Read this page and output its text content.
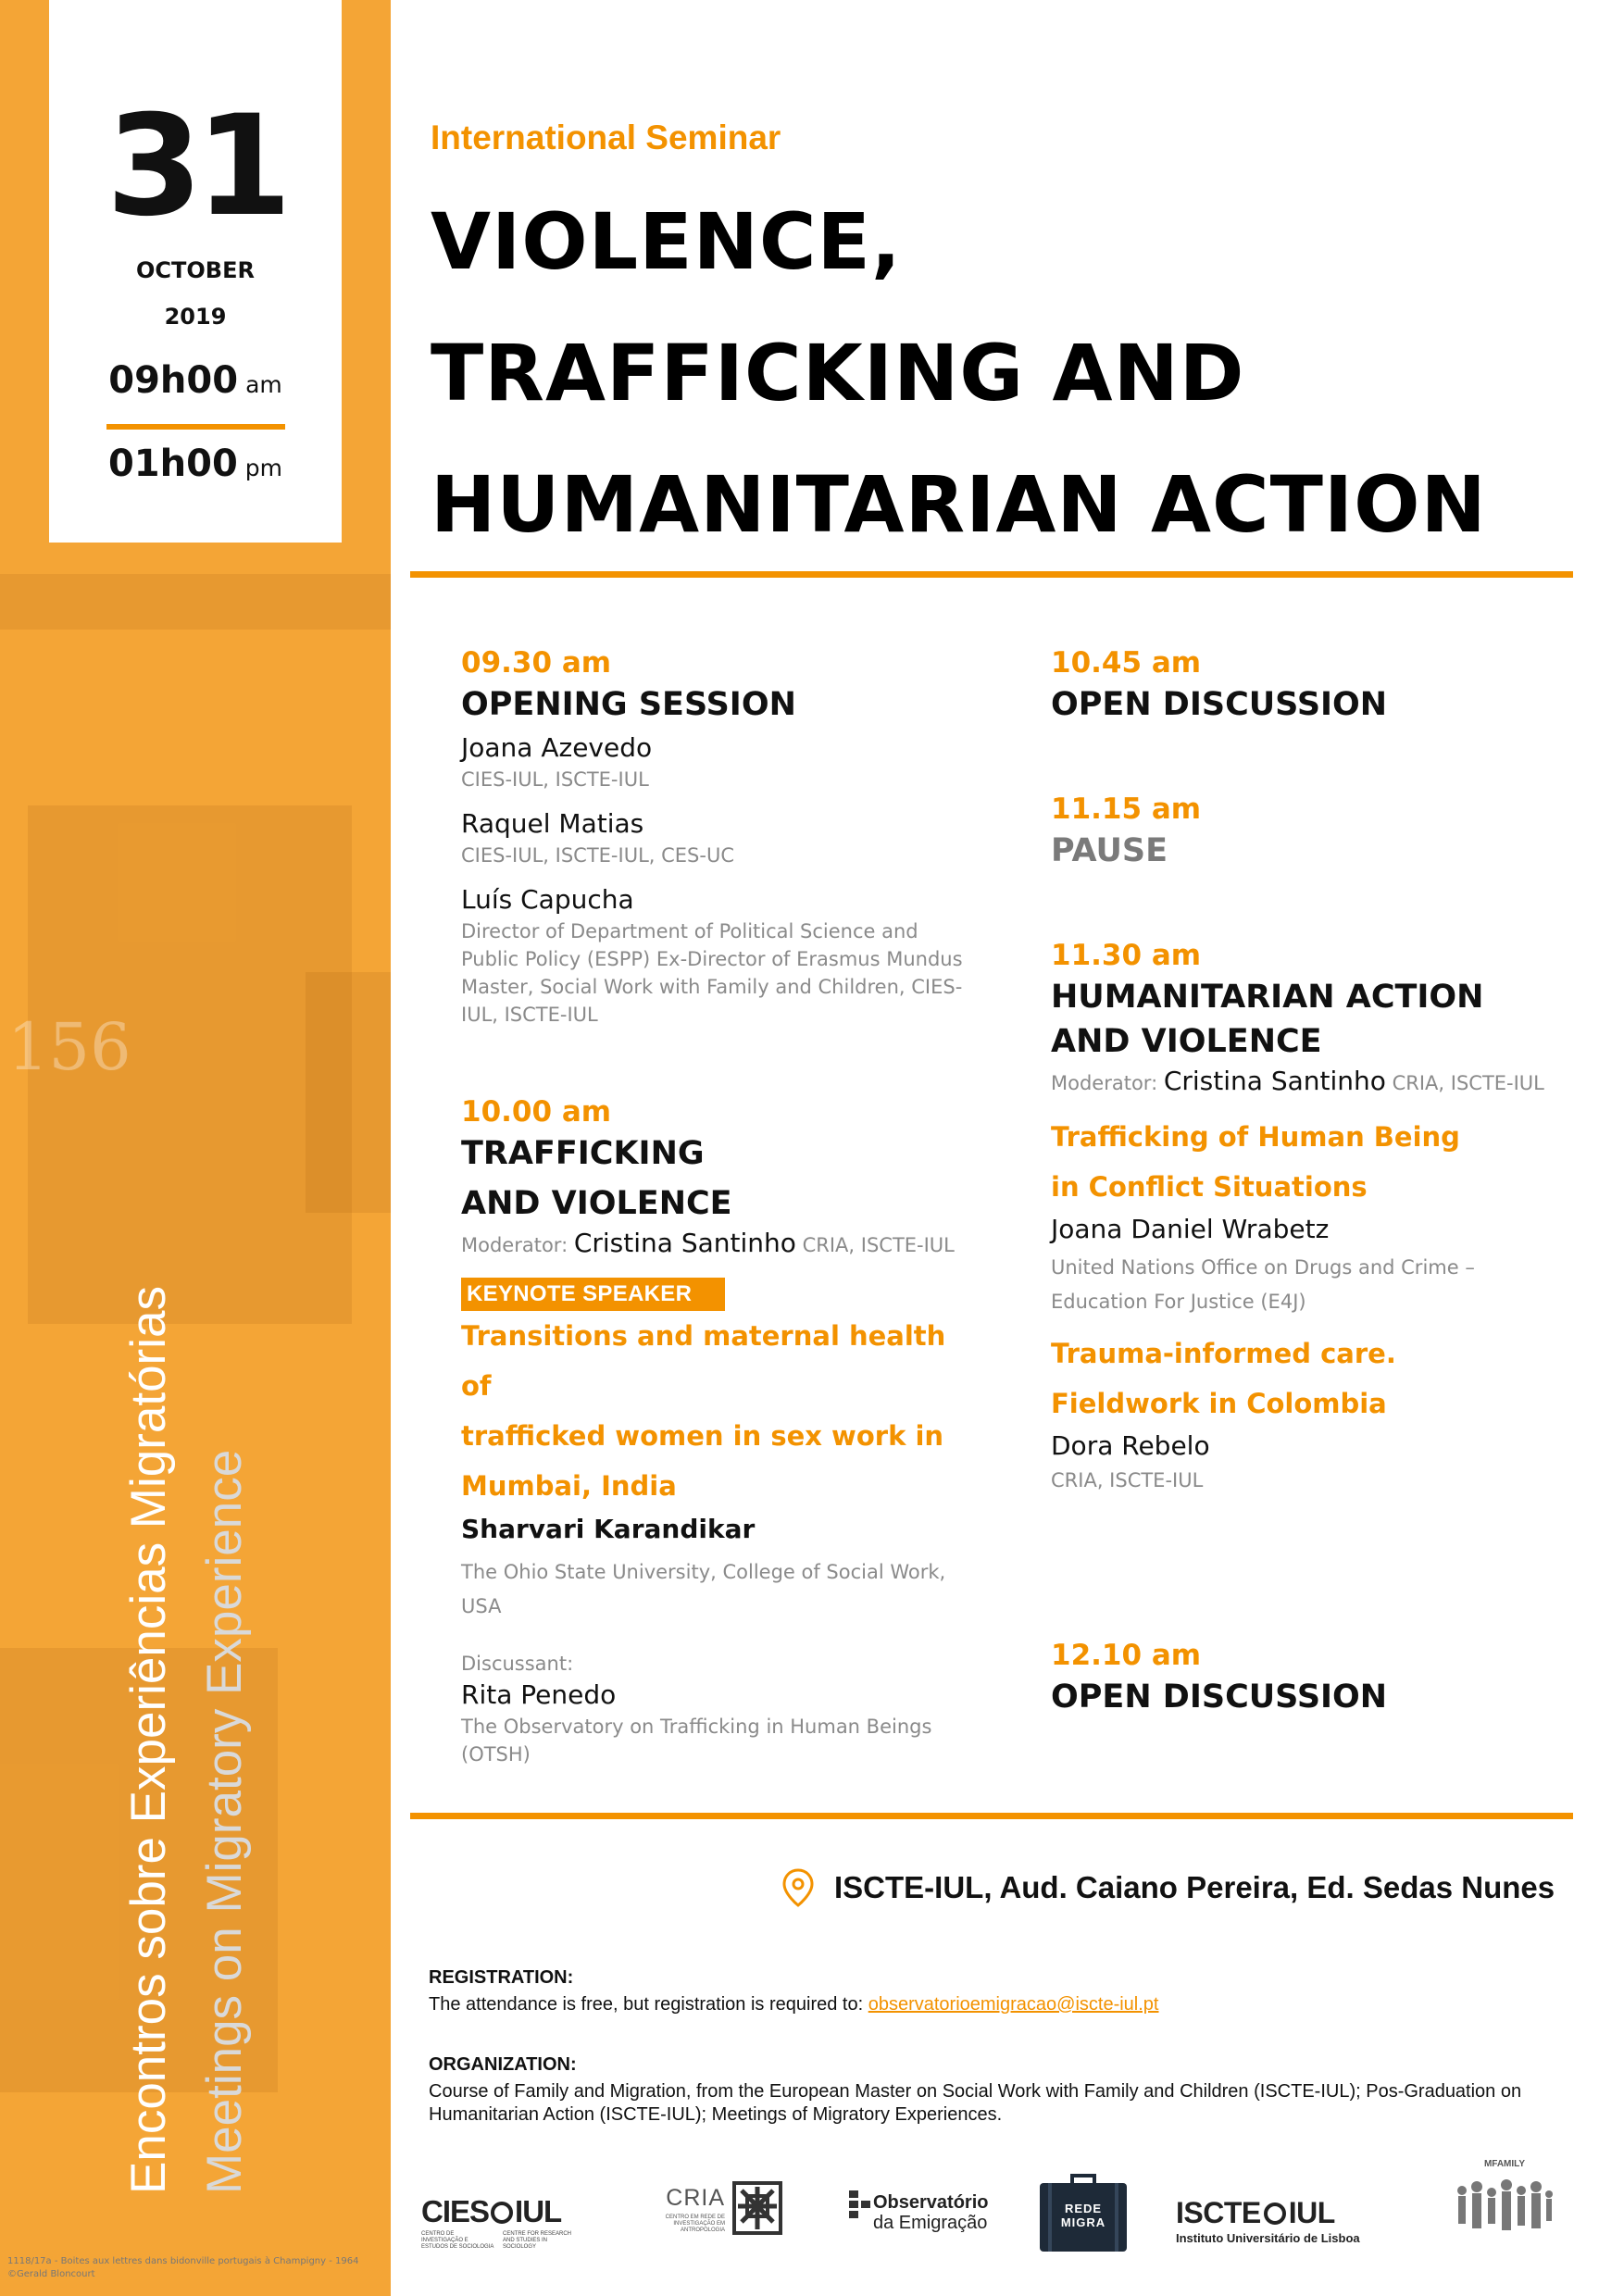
156
31
OCTOBER
2019
09h00 am
01h00 pm
Encontros sobre Experiências Migratórias Meetings on Migratory Experience
1118/17a - Boites aux lettres dans bidonville portugais à Champigny - 1964
©Gerald Bloncourt
International Seminar
VIOLENCE,
TRAFFICKING AND
HUMANITARIAN ACTION
09.30 am
OPENING SESSION
Joana Azevedo
CIES-IUL, ISCTE-IUL
Raquel Matias
CIES-IUL, ISCTE-IUL, CES-UC
Luís Capucha
Director of Department of Political Science and Public Policy (ESPP) Ex-Director of Erasmus Mundus Master, Social Work with Family and Children, CIES-IUL, ISCTE-IUL
10.00 am
TRAFFICKING
AND VIOLENCE
Moderator: Cristina Santinho CRIA, ISCTE-IUL
KEYNOTE SPEAKER
Transitions and maternal health of
trafficked women in sex work in
Mumbai, India
Sharvari Karandikar
The Ohio State University, College of Social Work, USA
Discussant:
Rita Penedo
The Observatory on Trafficking in Human Beings (OTSH)
10.45 am
OPEN DISCUSSION
11.15 am
PAUSE
11.30 am
HUMANITARIAN ACTION
AND VIOLENCE
Moderator: Cristina Santinho CRIA, ISCTE-IUL
Trafficking of Human Being
in Conflict Situations
Joana Daniel Wrabetz
United Nations Office on Drugs and Crime – Education For Justice (E4J)
Trauma-informed care.
Fieldwork in Colombia
Dora Rebelo
CRIA, ISCTE-IUL
12.10 am
OPEN DISCUSSION
ISCTE-IUL, Aud. Caiano Pereira, Ed. Sedas Nunes
REGISTRATION:
The attendance is free, but registration is required to: observatorioemigracao@iscte-iul.pt
ORGANIZATION:
Course of Family and Migration, from the European Master on Social Work with Family and Children (ISCTE-IUL); Pos-Graduation on Humanitarian Action (ISCTE-IUL); Meetings of Migratory Experiences.
CIES IUL
CENTRO DE INVESTIGAÇÃO E ESTUDOS DE SOCIOLOGIA
CENTRE FOR RESEARCH AND STUDIES IN SOCIOLOGY
CRIA
CENTRO EM REDE DE INVESTIGAÇÃO EM ANTROPOLOGIA
Observatório
da Emigração
REDE
MIGRA	ISCTE IUL
Instituto Universitário de Lisboa
MFAMILY
